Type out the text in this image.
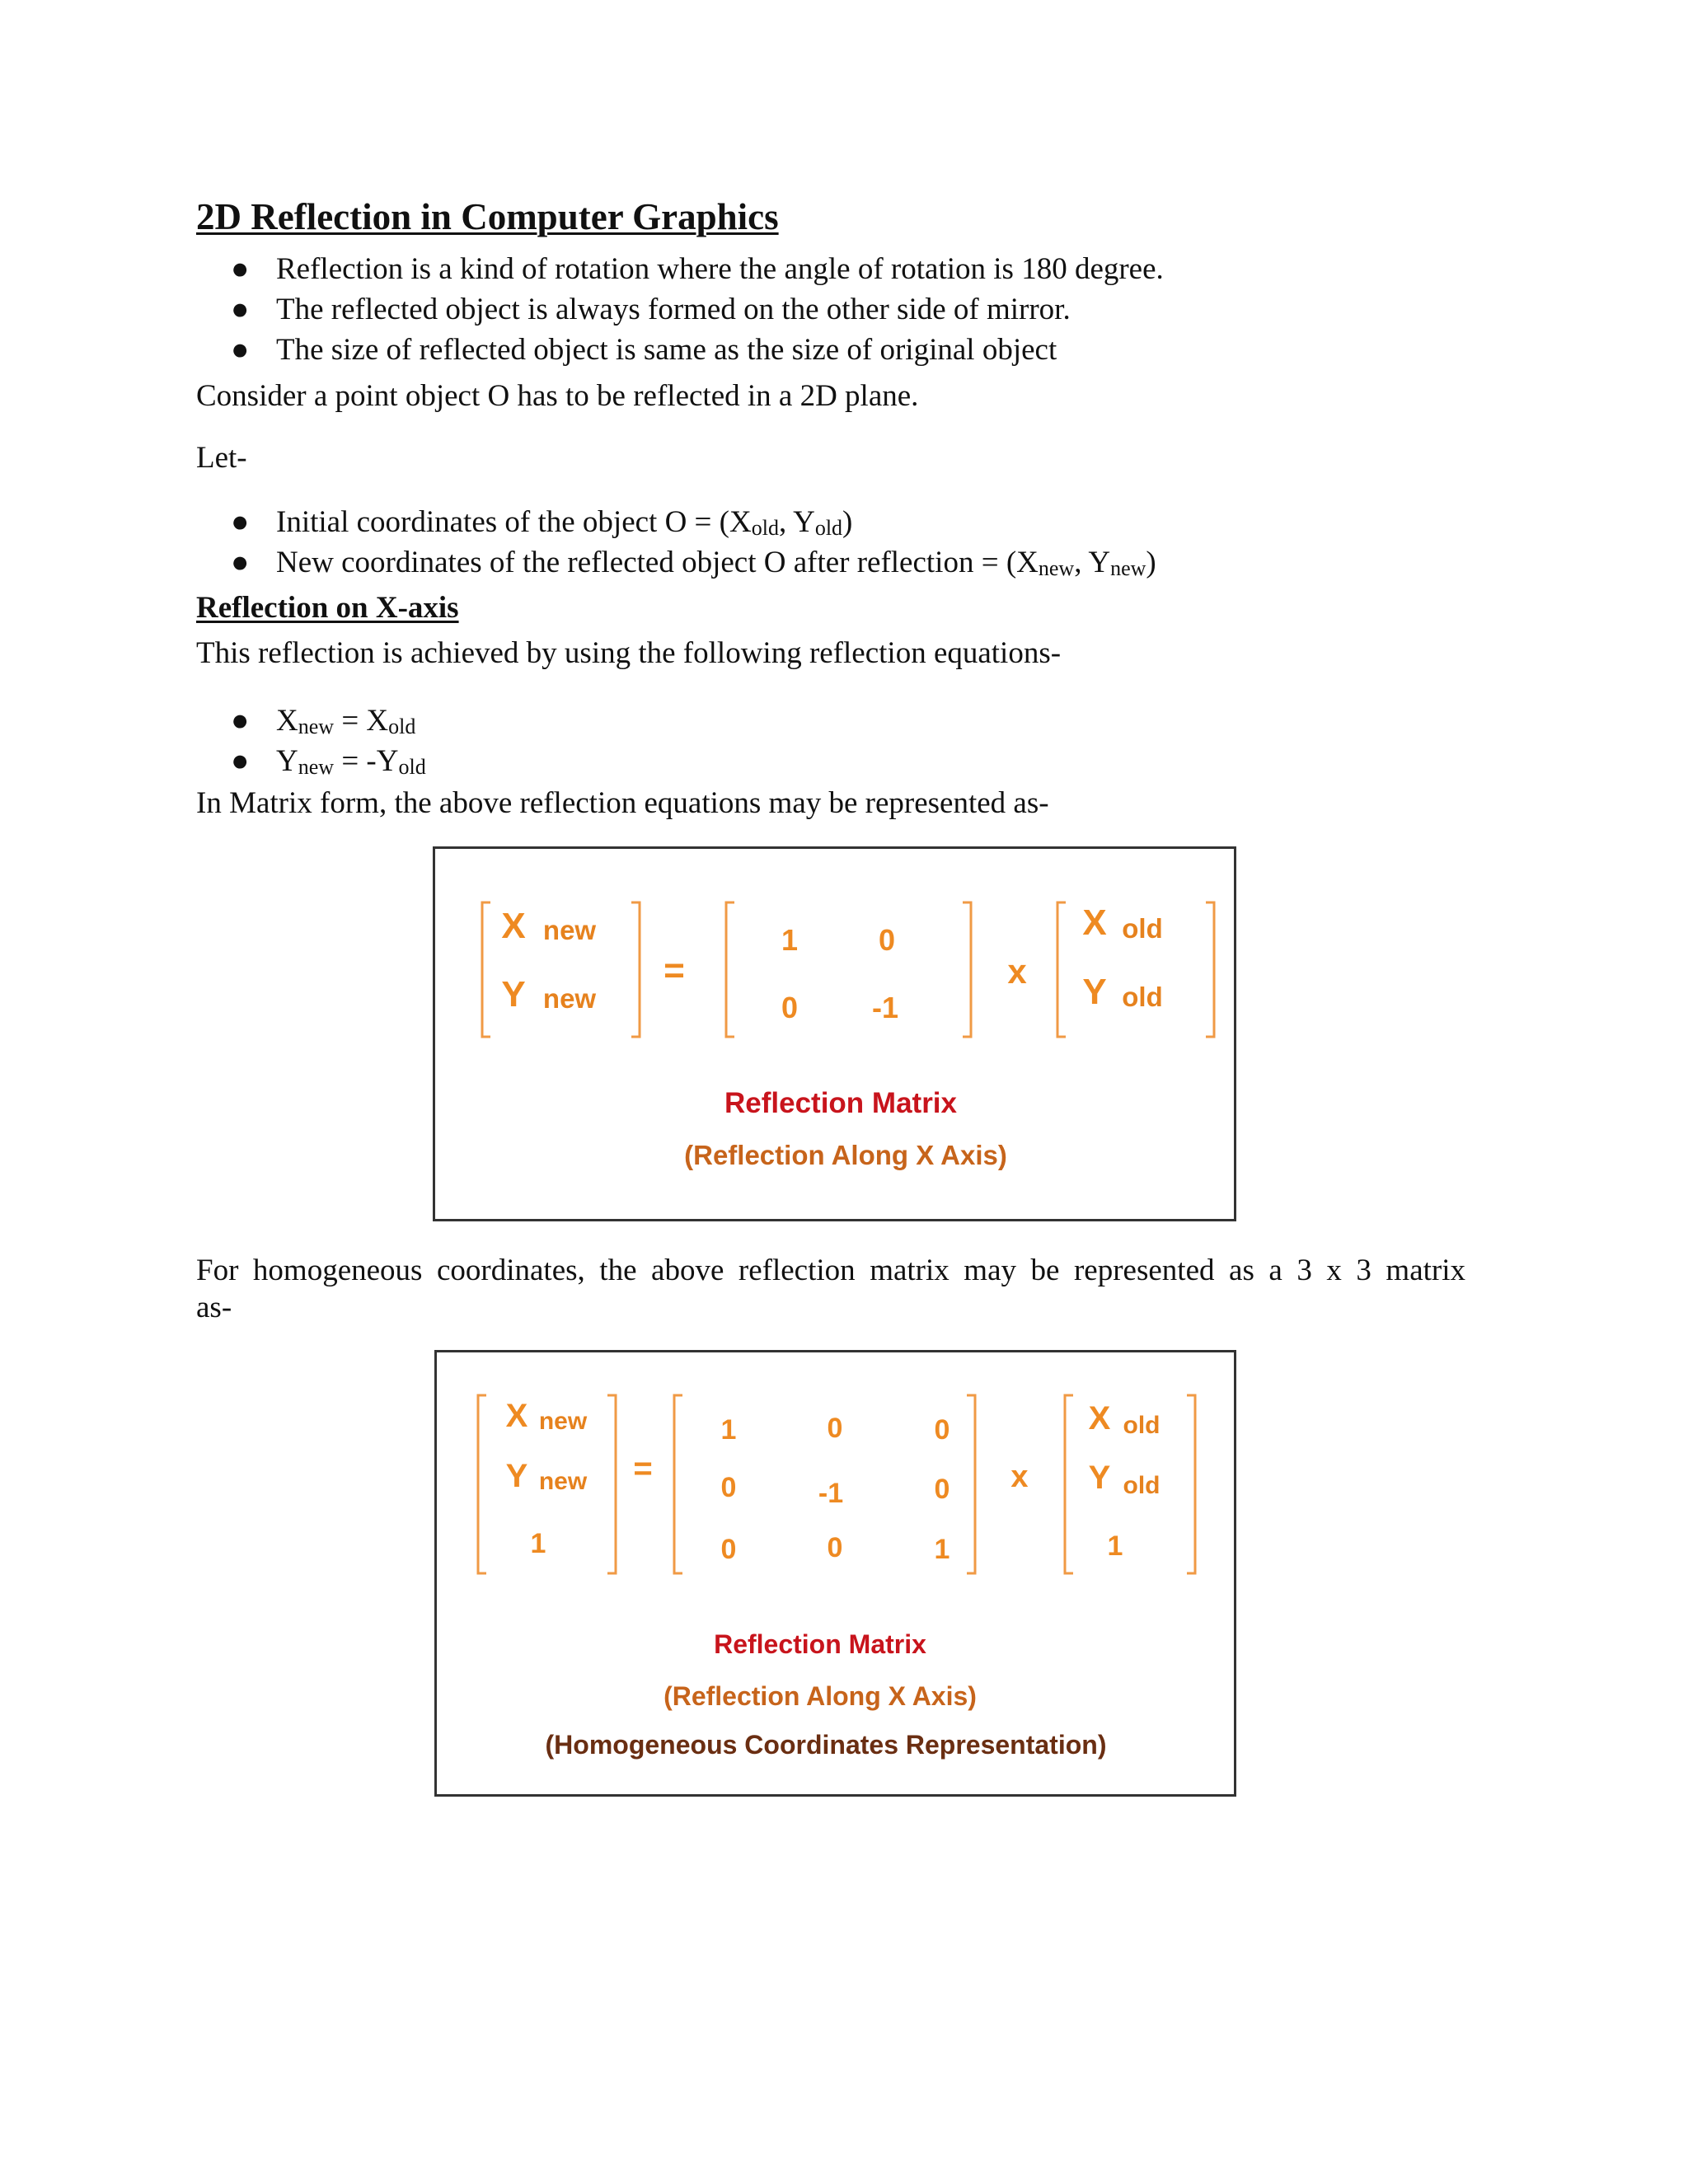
2D Reflection in Computer Graphics
● Reflection is a kind of rotation where the angle of rotation is 180 degree.
● The reflected object is always formed on the other side of mirror.
● The size of reflected object is same as the size of original object
Consider a point object O has to be reflected in a 2D plane.
Let-
● Initial coordinates of the object $O = (X_{old}$, $Y_{old}$)
● New coordinates of the reflected object O after reflection = ($X_{new}$, $Y_{new}$)
Reflection on X-axis
This reflection is achieved by using the following reflection equations-
● $X_{new} = X_{old}$
● $Y_{new} = -Y_{old}$
In Matrix form, the above reflection equations may be represented as-
X new
Y new
=
1	0
0 -1
x
X old
Y old
Reflection Matrix
(Reflection Along X Axis)
For homogeneous coordinates, the above reflection matrix may be represented as a 3 x 3 matrix
as-
X new
Y new
1
=
1	0	0
0	-1	0
0	0	1
x
X old
Y old
1
Reflection Matrix
(Reflection Along X Axis)
(Homogeneous Coordinates Representation)
